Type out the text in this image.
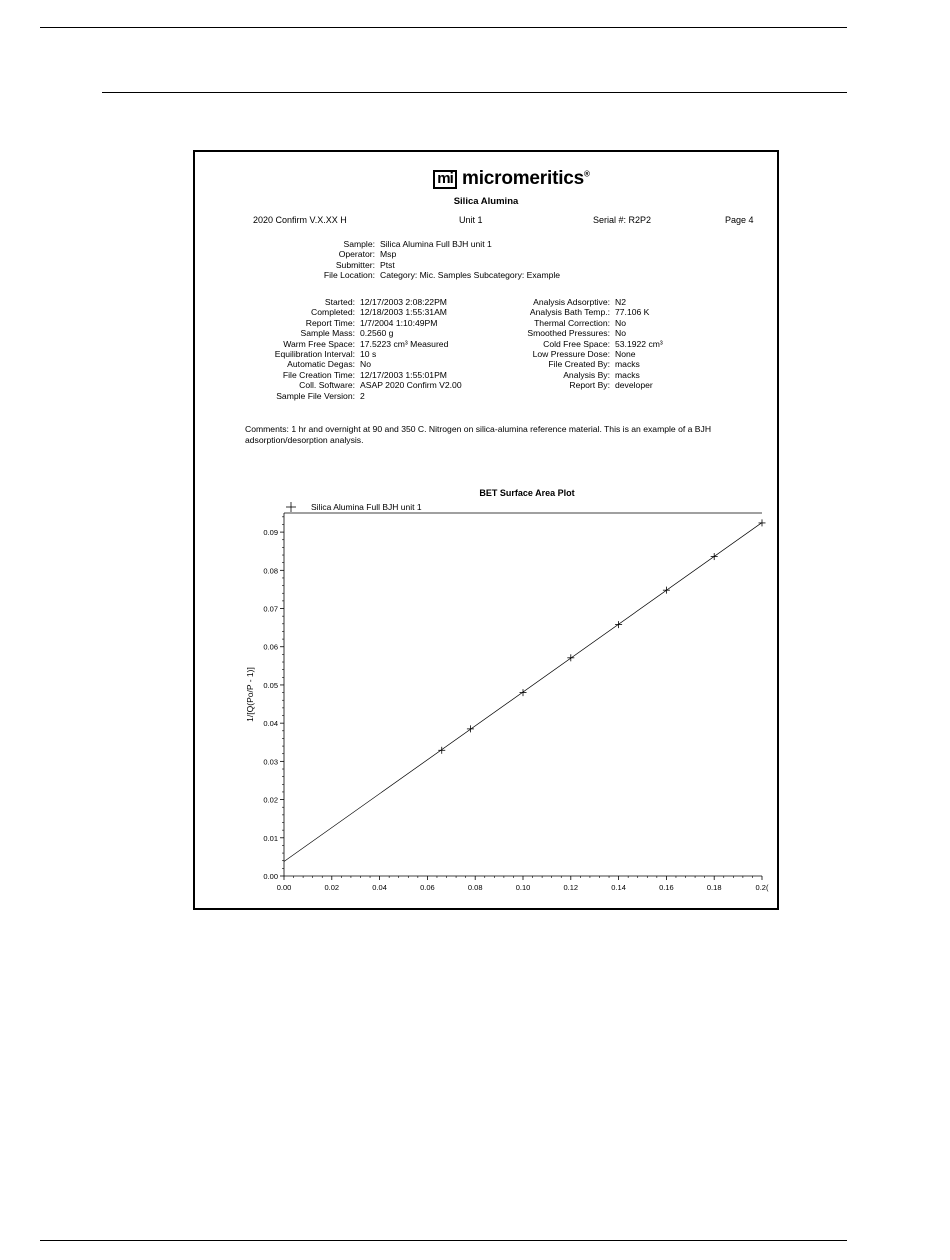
mi micromeritics®
Silica Alumina
2020 Confirm V.X.XX H	Unit 1	Serial #: R2P2	Page 4
Sample: Silica Alumina Full BJH unit 1
Operator: Msp
Submitter: Ptst
File Location: Category: Mic. Samples Subcategory: Example
Started: 12/17/2003 2:08:22PM
Completed: 12/18/2003 1:55:31AM
Report Time: 1/7/2004 1:10:49PM
Sample Mass: 0.2560 g
Warm Free Space: 17.5223 cm³ Measured
Equilibration Interval: 10 s
Automatic Degas: No
File Creation Time: 12/17/2003 1:55:01PM
Coll. Software: ASAP 2020 Confirm V2.00
Sample File Version: 2
Analysis Adsorptive: N2
Analysis Bath Temp.: 77.106 K
Thermal Correction: No
Smoothed Pressures: No
Cold Free Space: 53.1922 cm³
Low Pressure Dose: None
File Created By: macks
Analysis By: macks
Report By: developer
Comments: 1 hr and overnight at 90 and 350 C. Nitrogen on silica-alumina reference material. This is an example of a BJH adsorption/desorption analysis.
BET Surface Area Plot
Silica Alumina Full BJH unit 1
0.00
0.01
0.02
0.03
0.04
0.05
0.06
0.07
0.08
0.09
0.00	0.02	0.04	0.06	0.08	0.10	0.12	0.14	0.16	0.18	0.2(
1/[Q(Po/P - 1)]
